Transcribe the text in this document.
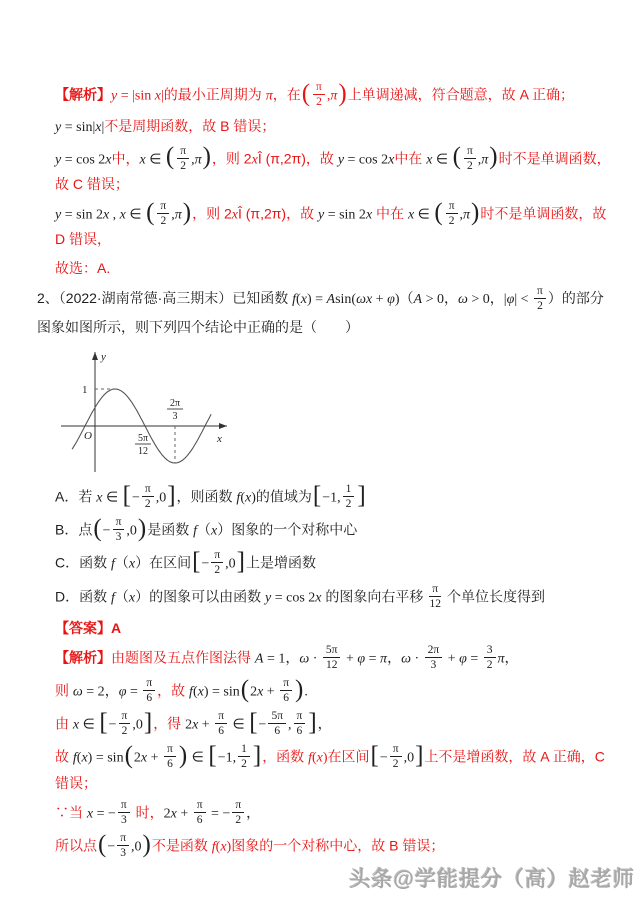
【解析】y = |sin x|的最小正周期为 π，在( $\frac{\pi}{2} ,\pi$)上单调递减，符合题意，故 A 正确；
y = sin|x|不是周期函数，故 B 错误；
y = cos 2x中，x ∈ ( $\frac{\pi}{2} ,\pi$)，则 2xÎ (π,2π)，故 y = cos 2x中在 x ∈ ( $\frac{\pi}{2} ,\pi$)时不是单调函数，故 C 错误；
y = sin 2x , x ∈ ( $\frac{\pi}{2} ,\pi$)，则 2xÎ (π,2π)，故 y = sin 2x 中在 x ∈ ( $\frac{\pi}{2} ,\pi$)时不是单调函数，故 D 错误，
故选：A.
2、（2022·湖南常德·高三期末）已知函数 f(x) = Asin(ωx + φ)（A > 0，ω > 0，$|\varphi| < \frac{\pi}{2}$ ）的部分图象如图所示，则下列四个结论中正确的是（　　）
y
x
O
1
5π
12
2π
3
A．若 x ∈ [− $\frac{\pi}{2} ,0$]，则函数 f(x)的值域为[−1, $\frac{1}{2}$ ]
B．点(− $\frac{\pi}{3} ,0$)是函数 f（x）图象的一个对称中心
C．函数 f（x）在区间[− $\frac{\pi}{2} ,0$]上是增函数
D．函数 f（x）的图象可以由函数 y = cos 2x 的图象向右平移 $\frac{\pi}{12}$ 个单位长度得到
【答案】A
【解析】由题图及五点作图法得 A = 1，$\omega \cdot \frac{5\pi}{12} + \varphi = \pi$，$\omega \cdot \frac{2\pi}{3} + \varphi = \frac{3}{2}$ π，
则 ω = 2，$\varphi = \frac{\pi}{6}$ ，故 $f(x) = \sin(2x + \frac{\pi}{6}$ ).
由 x ∈ [− $\frac{\pi}{2} ,0$]，得 $2x + \frac{\pi}{6}$ ∈ [− $\frac{5\pi}{6}$ , $\frac{\pi}{6}$ ]，
故 $f(x) = \sin(2x + \frac{\pi}{6}$ ) ∈ [−1, $\frac{1}{2}$ ]，函数 f(x)在区间[− $\frac{\pi}{2} ,0$]上不是增函数，故 A 正确，C 错误；
∵当 x = − $\frac{\pi}{3}$ 时，$2x + \frac{\pi}{6}$ = − $\frac{\pi}{2}$ ，
所以点(− $\frac{\pi}{3} ,0$)不是函数 f(x)图象的一个对称中心，故 B 错误；
头条@学能提分（高）赵老师
